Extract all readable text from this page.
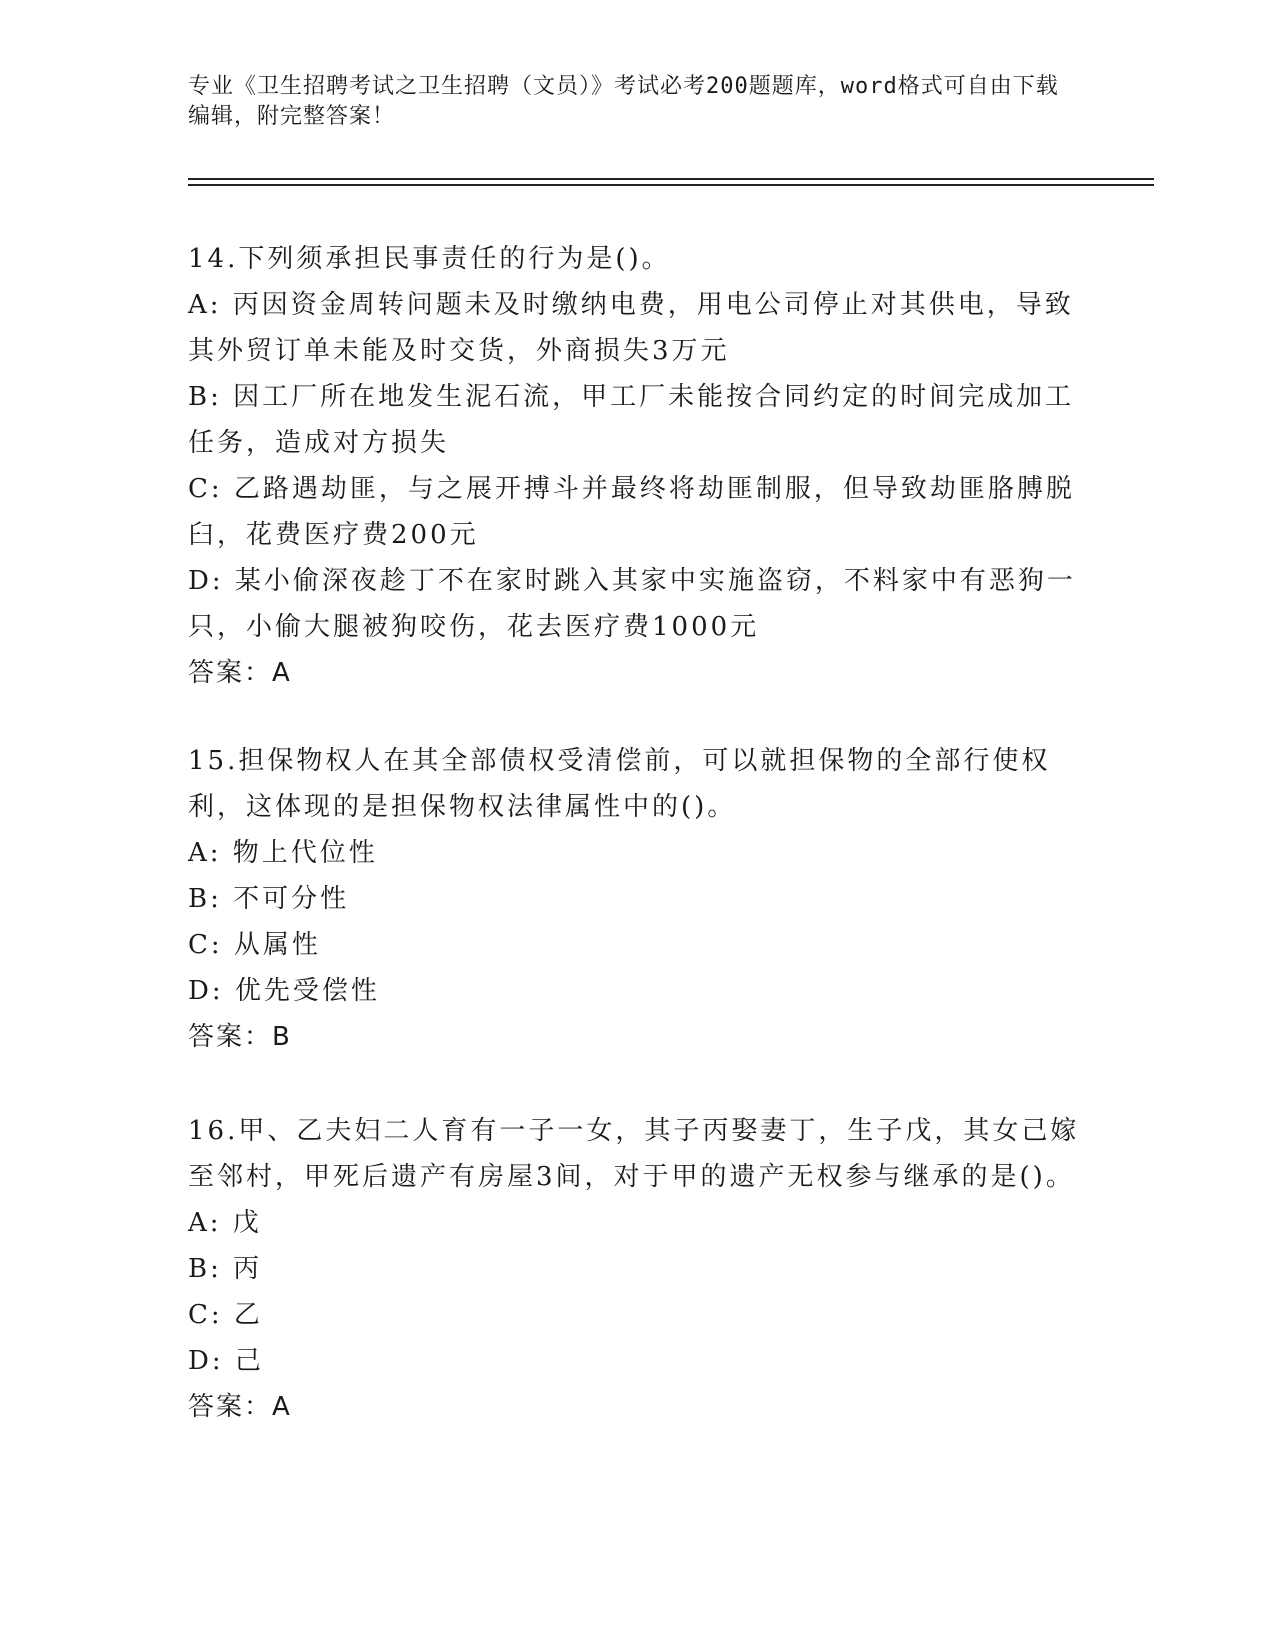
专业《卫生招聘考试之卫生招聘（文员）》考试必考200题题库，word格式可自由下载编辑，附完整答案！
14.下列须承担民事责任的行为是()。
A: 丙因资金周转问题未及时缴纳电费，用电公司停止对其供电，导致其外贸订单未能及时交货，外商损失3万元
B: 因工厂所在地发生泥石流，甲工厂未能按合同约定的时间完成加工任务，造成对方损失
C: 乙路遇劫匪，与之展开搏斗并最终将劫匪制服，但导致劫匪胳膊脱臼，花费医疗费200元
D: 某小偷深夜趁丁不在家时跳入其家中实施盗窃，不料家中有恶狗一只，小偷大腿被狗咬伤，花去医疗费1000元
答案：A
15.担保物权人在其全部债权受清偿前，可以就担保物的全部行使权利，这体现的是担保物权法律属性中的()。
A: 物上代位性
B: 不可分性
C: 从属性
D: 优先受偿性
答案：B
16.甲、乙夫妇二人育有一子一女，其子丙娶妻丁，生子戊，其女己嫁至邻村，甲死后遗产有房屋3间，对于甲的遗产无权参与继承的是()。
A: 戊
B: 丙
C: 乙
D: 己
答案：A
